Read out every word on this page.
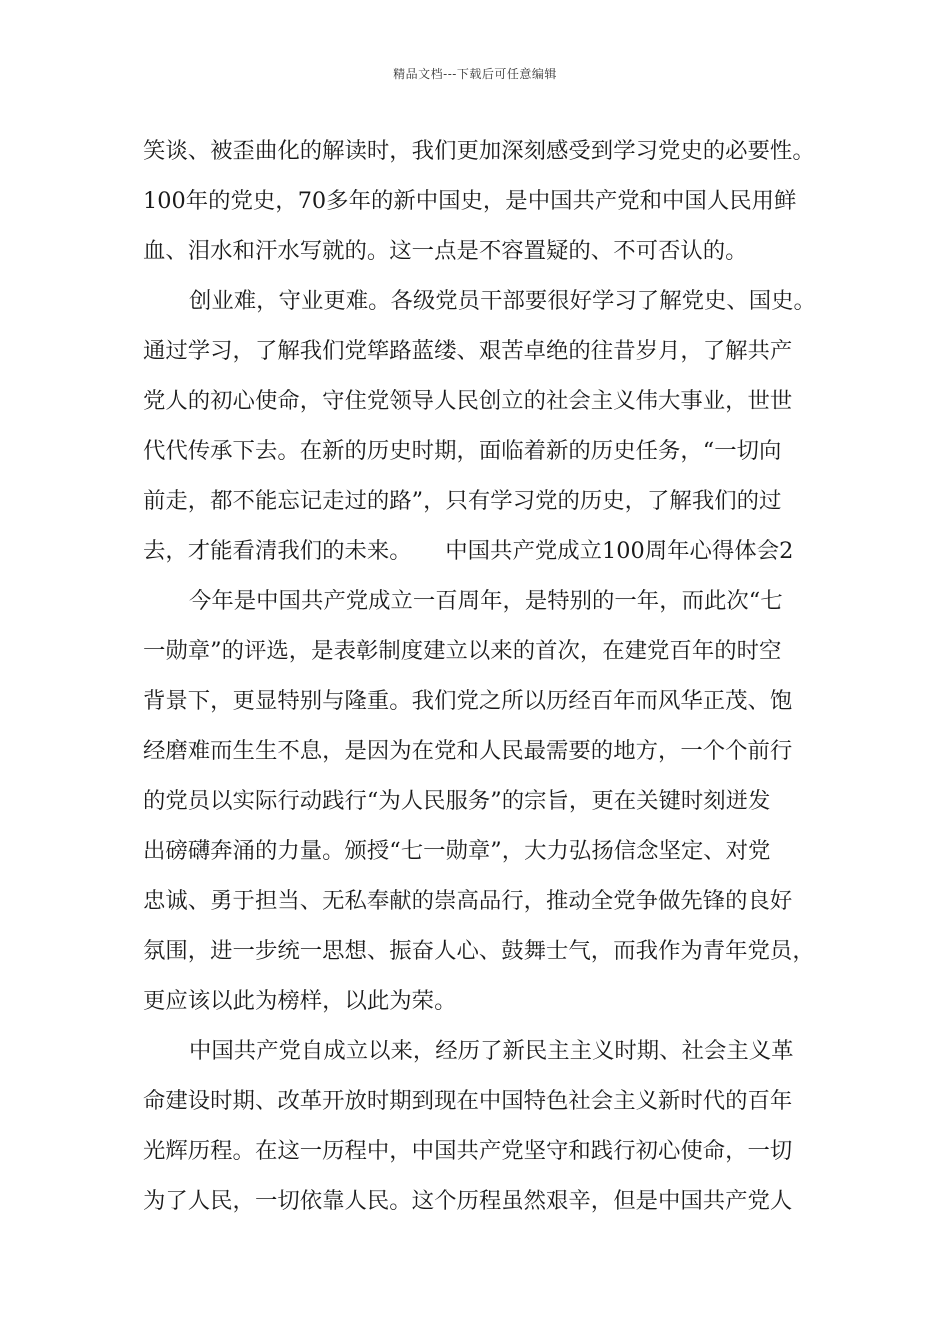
精品文档---下载后可任意编辑
笑谈、被歪曲化的解读时，我们更加深刻感受到学习党史的必要性。
100年的党史，70多年的新中国史，是中国共产党和中国人民用鲜
血、泪水和汗水写就的。这一点是不容置疑的、不可否认的。
创业难，守业更难。各级党员干部要很好学习了解党史、国史。
通过学习，了解我们党筚路蓝缕、艰苦卓绝的往昔岁月，了解共产
党人的初心使命，守住党领导人民创立的社会主义伟大事业，世世
代代传承下去。在新的历史时期，面临着新的历史任务，“一切向
前走，都不能忘记走过的路”，只有学习党的历史，了解我们的过
去，才能看清我们的未来。　　中国共产党成立100周年心得体会2
今年是中国共产党成立一百周年，是特别的一年，而此次“七
一勋章”的评选，是表彰制度建立以来的首次，在建党百年的时空
背景下，更显特别与隆重。我们党之所以历经百年而风华正茂、饱
经磨难而生生不息，是因为在党和人民最需要的地方，一个个前行
的党员以实际行动践行“为人民服务”的宗旨，更在关键时刻迸发
出磅礴奔涌的力量。颁授“七一勋章”，大力弘扬信念坚定、对党
忠诚、勇于担当、无私奉献的崇高品行，推动全党争做先锋的良好
氛围，进一步统一思想、振奋人心、鼓舞士气，而我作为青年党员，
更应该以此为榜样，以此为荣。
中国共产党自成立以来，经历了新民主主义时期、社会主义革
命建设时期、改革开放时期到现在中国特色社会主义新时代的百年
光辉历程。在这一历程中，中国共产党坚守和践行初心使命，一切
为了人民，一切依靠人民。这个历程虽然艰辛，但是中国共产党人
